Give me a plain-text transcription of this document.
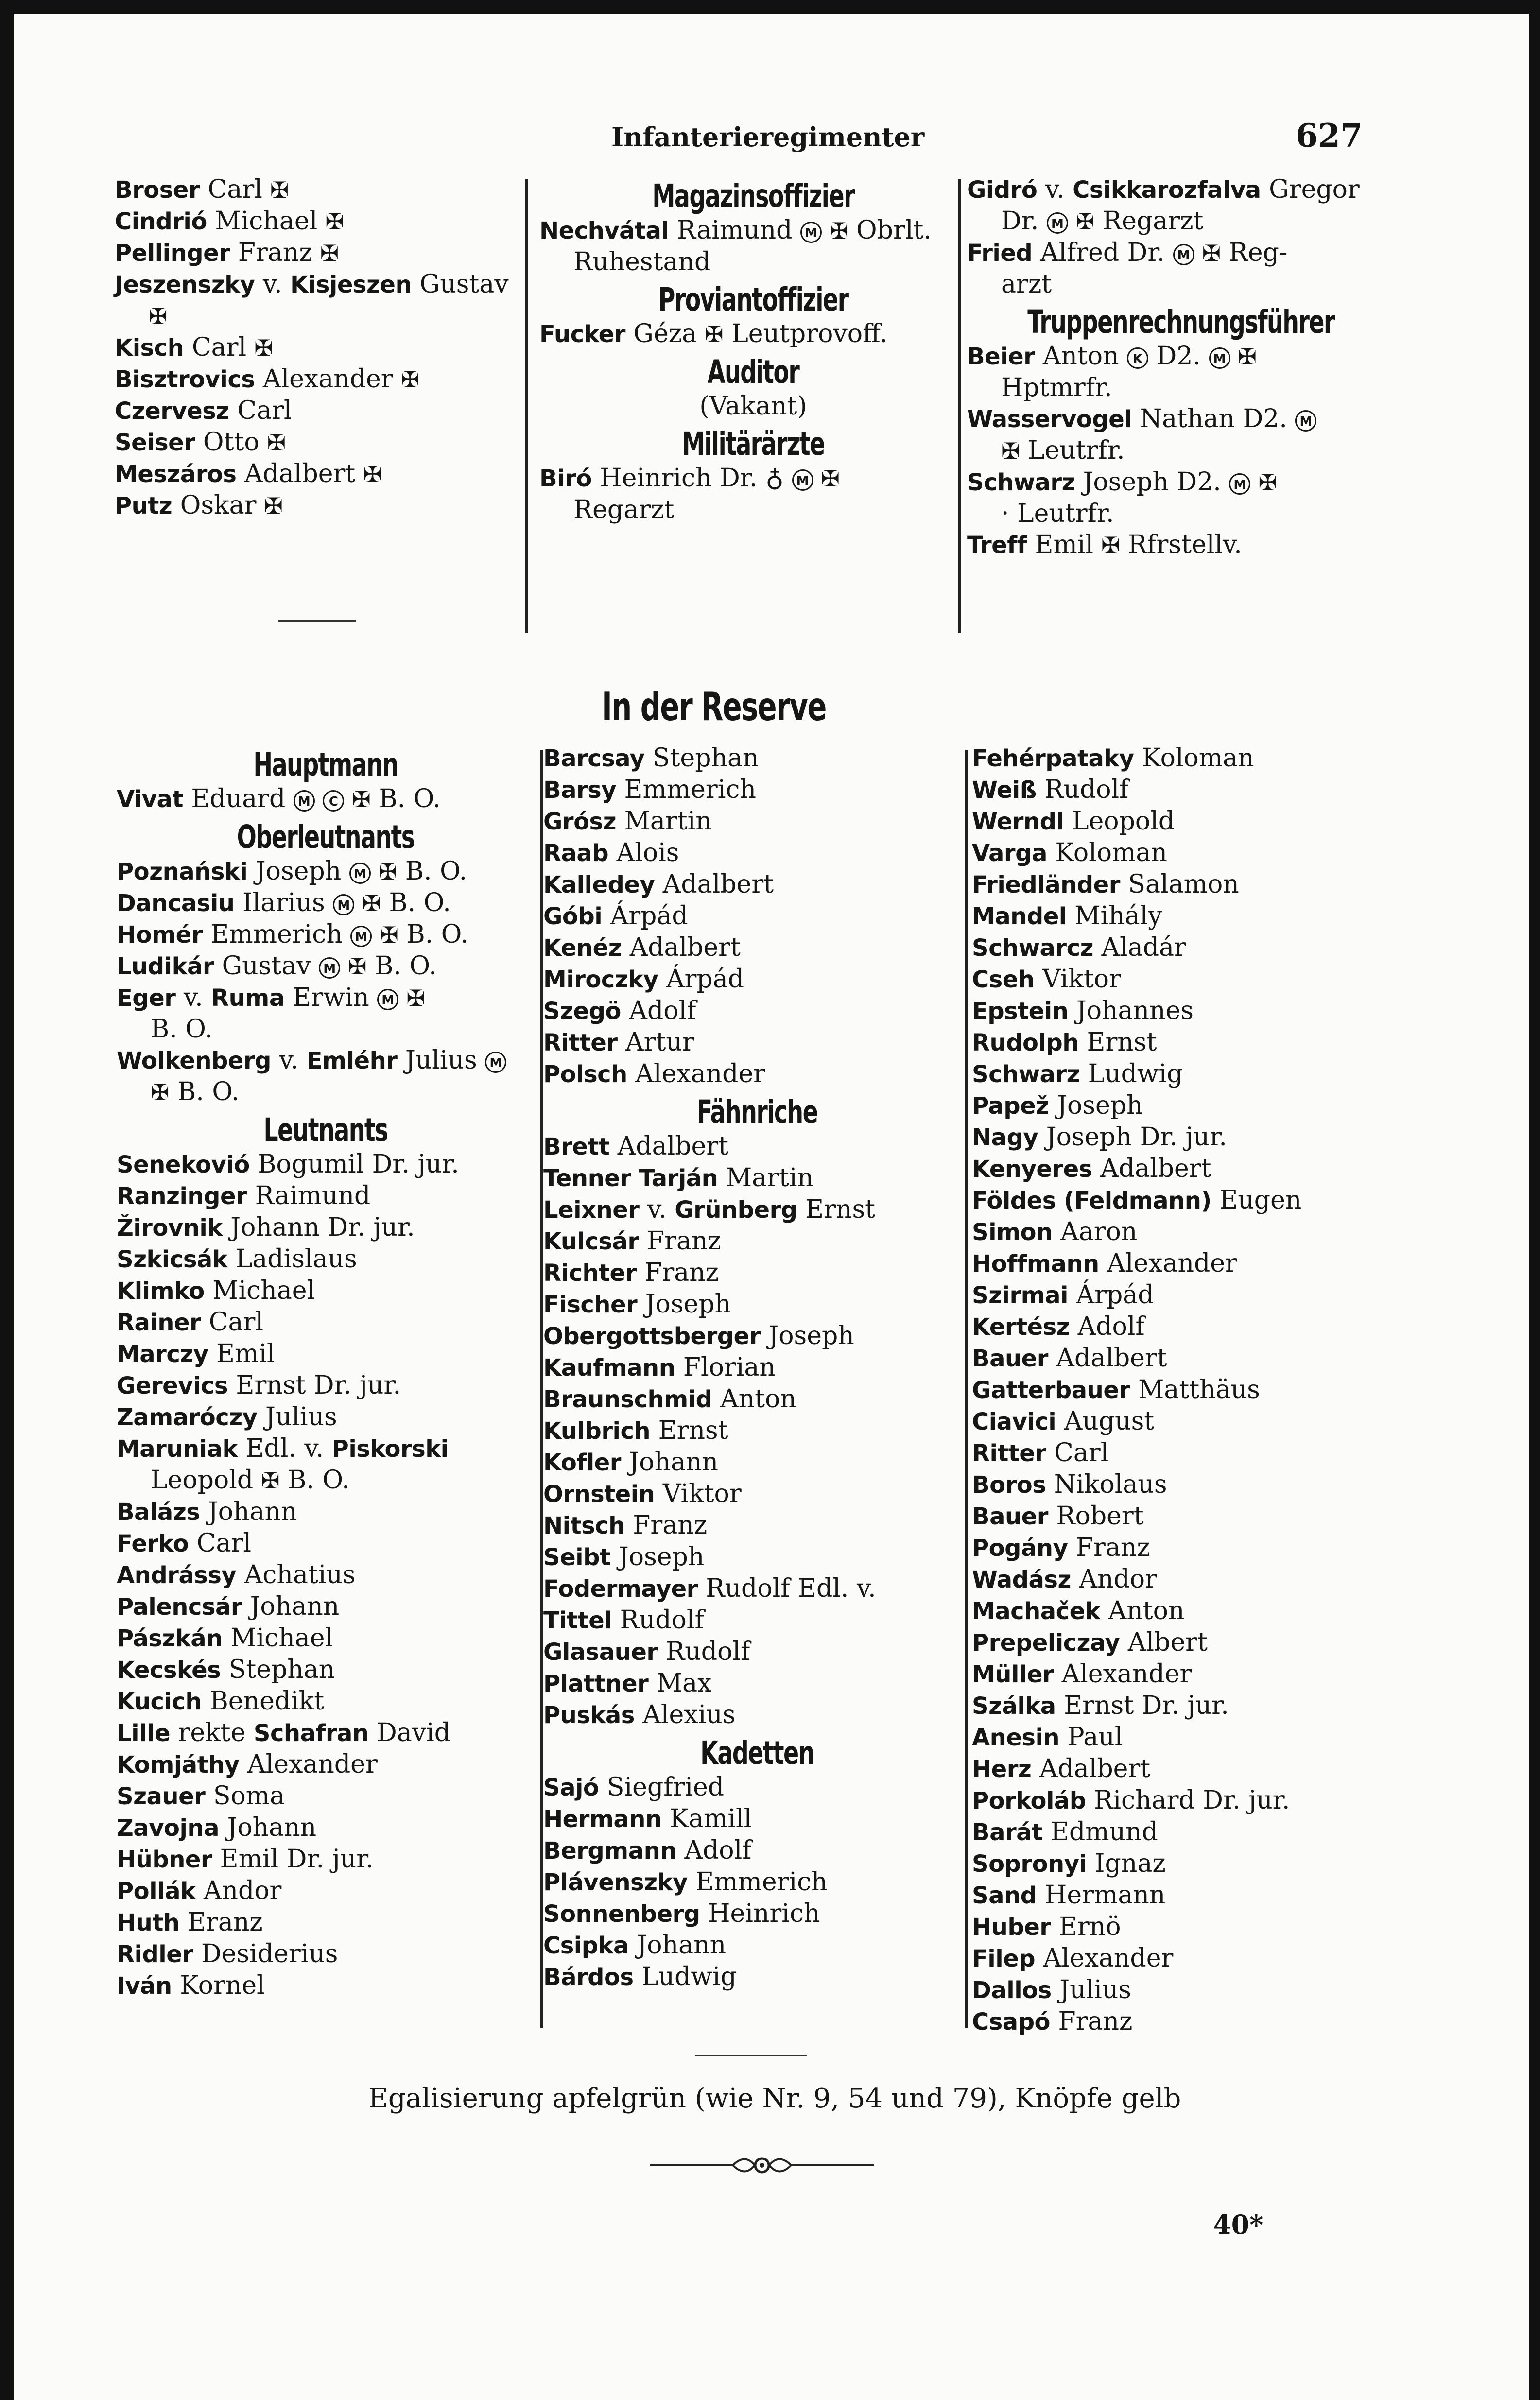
Infanterieregimenter	627
Broser Carl ✠
Cindrió Michael ✠
Pellinger Franz ✠
Jeszenszky v. Kisjeszen Gustav
✠
Kisch Carl ✠
Bisztrovics Alexander ✠
Czervesz Carl
Seiser Otto ✠
Meszáros Adalbert ✠
Putz Oskar ✠
Magazinsoffizier
Nechvátal Raimund M ✠ Obrlt.
Ruhestand
Proviantoffizier
Fucker Géza ✠ Leutprovoff.
Auditor
(Vakant)
Militärärzte
Biró Heinrich Dr. ♁ M ✠
Regarzt
Gidró v. Csikkarozfalva Gregor
Dr. M ✠ Regarzt
Fried Alfred Dr. M ✠ Reg-
arzt
Truppenrechnungsführer
Beier Anton K D2. M ✠
Hptmrfr.
Wasservogel Nathan D2. M
✠ Leutrfr.
Schwarz Joseph D2. M ✠
· Leutrfr.
Treff Emil ✠ Rfrstellv.
In der Reserve
Hauptmann
Vivat Eduard M C ✠ B. O.
Oberleutnants
Poznański Joseph M ✠ B. O.
Dancasiu Ilarius M ✠ B. O.
Homér Emmerich M ✠ B. O.
Ludikár Gustav M ✠ B. O.
Eger v. Ruma Erwin M ✠
B. O.
Wolkenberg v. Emléhr Julius M
✠ B. O.
Leutnants
Senekovió Bogumil Dr. jur.
Ranzinger Raimund
Žirovnik Johann Dr. jur.
Szkicsák Ladislaus
Klimko Michael
Rainer Carl
Marczy Emil
Gerevics Ernst Dr. jur.
Zamaróczy Julius
Maruniak Edl. v. Piskorski
Leopold ✠ B. O.
Balázs Johann
Ferko Carl
Andrássy Achatius
Palencsár Johann
Pászkán Michael
Kecskés Stephan
Kucich Benedikt
Lille rekte Schafran David
Komjáthy Alexander
Szauer Soma
Zavojna Johann
Hübner Emil Dr. jur.
Pollák Andor
Huth Eranz
Ridler Desiderius
Iván Kornel
Barcsay Stephan
Barsy Emmerich
Grósz Martin
Raab Alois
Kalledey Adalbert
Góbi Árpád
Kenéz Adalbert
Miroczky Árpád
Szegö Adolf
Ritter Artur
Polsch Alexander
Fähnriche
Brett Adalbert
Tenner Tarján Martin
Leixner v. Grünberg Ernst
Kulcsár Franz
Richter Franz
Fischer Joseph
Obergottsberger Joseph
Kaufmann Florian
Braunschmid Anton
Kulbrich Ernst
Kofler Johann
Ornstein Viktor
Nitsch Franz
Seibt Joseph
Fodermayer Rudolf Edl. v.
Tittel Rudolf
Glasauer Rudolf
Plattner Max
Puskás Alexius
Kadetten
Sajó Siegfried
Hermann Kamill
Bergmann Adolf
Plávenszky Emmerich
Sonnenberg Heinrich
Csipka Johann
Bárdos Ludwig
Fehérpataky Koloman
Weiß Rudolf
Werndl Leopold
Varga Koloman
Friedländer Salamon
Mandel Mihály
Schwarcz Aladár
Cseh Viktor
Epstein Johannes
Rudolph Ernst
Schwarz Ludwig
Papež Joseph
Nagy Joseph Dr. jur.
Kenyeres Adalbert
Földes (Feldmann) Eugen
Simon Aaron
Hoffmann Alexander
Szirmai Árpád
Kertész Adolf
Bauer Adalbert
Gatterbauer Matthäus
Ciavici August
Ritter Carl
Boros Nikolaus
Bauer Robert
Pogány Franz
Wadász Andor
Machaček Anton
Prepeliczay Albert
Müller Alexander
Szálka Ernst Dr. jur.
Anesin Paul
Herz Adalbert
Porkoláb Richard Dr. jur.
Barát Edmund
Sopronyi Ignaz
Sand Hermann
Huber Ernö
Filep Alexander
Dallos Julius
Csapó Franz
Egalisierung apfelgrün (wie Nr. 9, 54 und 79), Knöpfe gelb
40*
